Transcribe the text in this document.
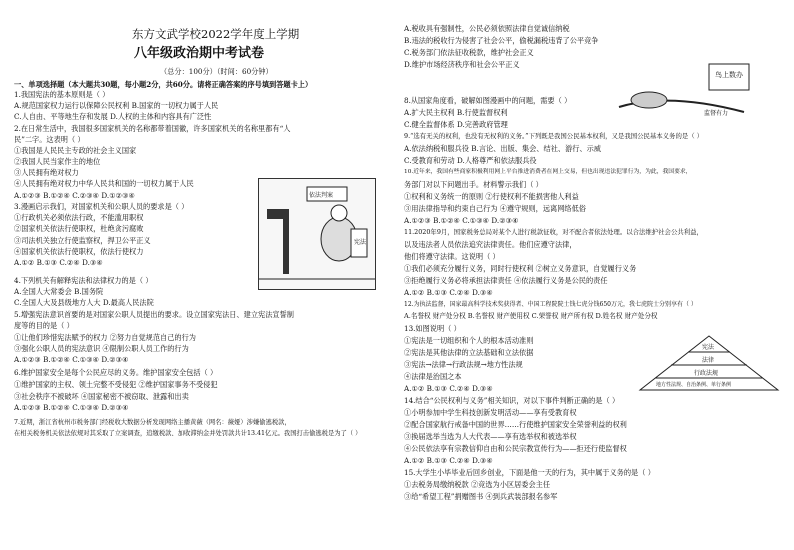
东方文武学校2022学年度上学期
八年级政治期中考试卷
（总分：100分）（时间：60分钟）
一、单项选择题（本大题共30题，每小题2分，共60分。请将正确答案的序号填到答题卡上）
1.我国宪法的基本原则是（ ）
A.规范国家权力运行以保障公民权利 B.国家的一切权力属于人民
C.人自由、平等地生存和发展 D.人权的主体和内容具有广泛性
2.在日常生活中，我国很多国家机关的名称都带着国徽，许多国家机关的名称里都有“人
民”二字。这表明（ ）
①我国是人民民主专政的社会主义国家
②我国人民当家作主的地位
③人民拥有绝对权力
④人民拥有绝对权力中华人民共和国的一切权力属于人民
A.①②③ B.①②④ C.②③④ D.①②③④
3.漫画启示我们，对国家机关和公职人员的要求是（ ）
①行政机关必须依法行政，不能滥用职权
②国家机关依法行使职权，杜绝贪污腐败
③司法机关独立行使监察权，捍卫公平正义
④国家机关依法行使职权，依法行使权力
A.①② B.①③ C.②④ D.③④
4.下列机关有解释宪法和法律权力的是（ ）
A.全国人大常委会 B.国务院
C.全国人大及县级地方人大 D.最高人民法院
5.增强宪法意识首要的是对国家公职人员提出的要求。设立国家宪法日、建立宪法宣誓制
度等的目的是（ ）
①让他们珍惜宪法赋予的权力 ②努力自觉规范自己的行为
③强化公职人员的宪法意识 ④限制公职人员工作的行为
A.①②③ B.①②④ C.①③④ D.②③④
6.维护国家安全是每个公民应尽的义务。维护国家安全包括（ ）
①维护国家的主权、领土完整不受侵犯 ②维护国家事务不受侵犯
③社会秩序不被破坏 ④国家秘密不被窃取、泄露和出卖
A.①②③ B.①②④ C.①③④ D.②③④
7.近期，浙江省杭州市税务部门经税收大数据分析发现网络主播黄薇（网名：薇娅）涉嫌偷逃税款，
在相关税务机关依法依规对其采取了立案调查，追缴税款、加收滞纳金并处罚款共计13.41亿元。我国打击偷逃税是为了（ ）
依法判案
宪法
A.税收具有强制性，公民必须依照法律自觉诚信纳税
B.违法的税收行为侵害了社会公平，偷税漏税违背了公平竞争
C.税务部门依法征收税款，维护社会正义
D.维护市场经济秩序和社会公平正义
8.从国家角度看，破解如图漫画中的问题，需要（ ）
A.扩大民主权利 B.行使监督权利
C.健全监督体系 D.完善政府管理
9.“选有无关的权利，也没有无权利的义务。”下列既是我国公民基本权利，又是我国公民基本义务的是（ ）
A.依法纳税和服兵役 B.言论、出版、集会、结社、游行、示威
C.受教育和劳动 D.人格尊严和依法服兵役
10.近年来，我国有些商家积极利用网上平台推进消费者在网上交易，但也出现违法犯罪行为，为此，我国要求，
务部门对以下问题出手。材料警示我们（ ）
①权利和义务统一的原则 ②行使权利不能损害他人利益
③用法律指导和约束自己行为 ④遵守规则，远离网络低俗
A.①②③ B.①②④ C.①③④ D.②③④
11.2020年9月，国家税务总局对某个人进行税款征收，对不配合者依法处理。以合法维护社会公共利益，
以及违法者人员依法追究法律责任。他们应遵守法律，
他们将遵守法律。这说明（ ）
①我们必须充分履行义务，同时行使权利 ②树立义务意识，自觉履行义务
③拒绝履行义务必将承担法律责任 ④依法履行义务是公民的责任
A.①② B.①③ C.②④ D.③④
12.为执法监督，国家最高科学技术奖获得者、中国工程院院士钱七虎分钱650万元，我七虎院士分别享有（ ）
A.名誉权 财产处分权 B.名誉权 财产使用权 C.荣誉权 财产所有权 D.姓名权 财产处分权
13.如图说明（ ）
①宪法是一切组织和个人的根本活动准则
②宪法是其他法律的立法基础和立法依据
③宪法→法律→行政法规→地方性法规
④法律是治国之本
A.①② B.①③ C.②④ D.③④
14.结合“公民权利与义务”相关知识，对以下事件判断正确的是（ ）
①小明参加中学生科技创新发明活动——享有受教育权
②配合国家航行戒备中国的世界……行使维护国家安全荣誉利益的权利
③换届选举当选为人大代表——享有选举权和被选举权
④公民依法享有宗教信仰自由和公民宗教宣传行为——拒还行使监督权
A.①② B.①③ C.②④ D.③④
15.大学生小毕毕业后回乡创业，下面是他一天的行为，其中属于义务的是（ ）
①去税务局缴纳税款 ②竞选为小区居委会主任
③给“希望工程”捐赠图书 ④到兵武装部报名参军
鸟上数办
监督有力
宪法
法律
行政法规
地方性法规、自治条例、单行条例
